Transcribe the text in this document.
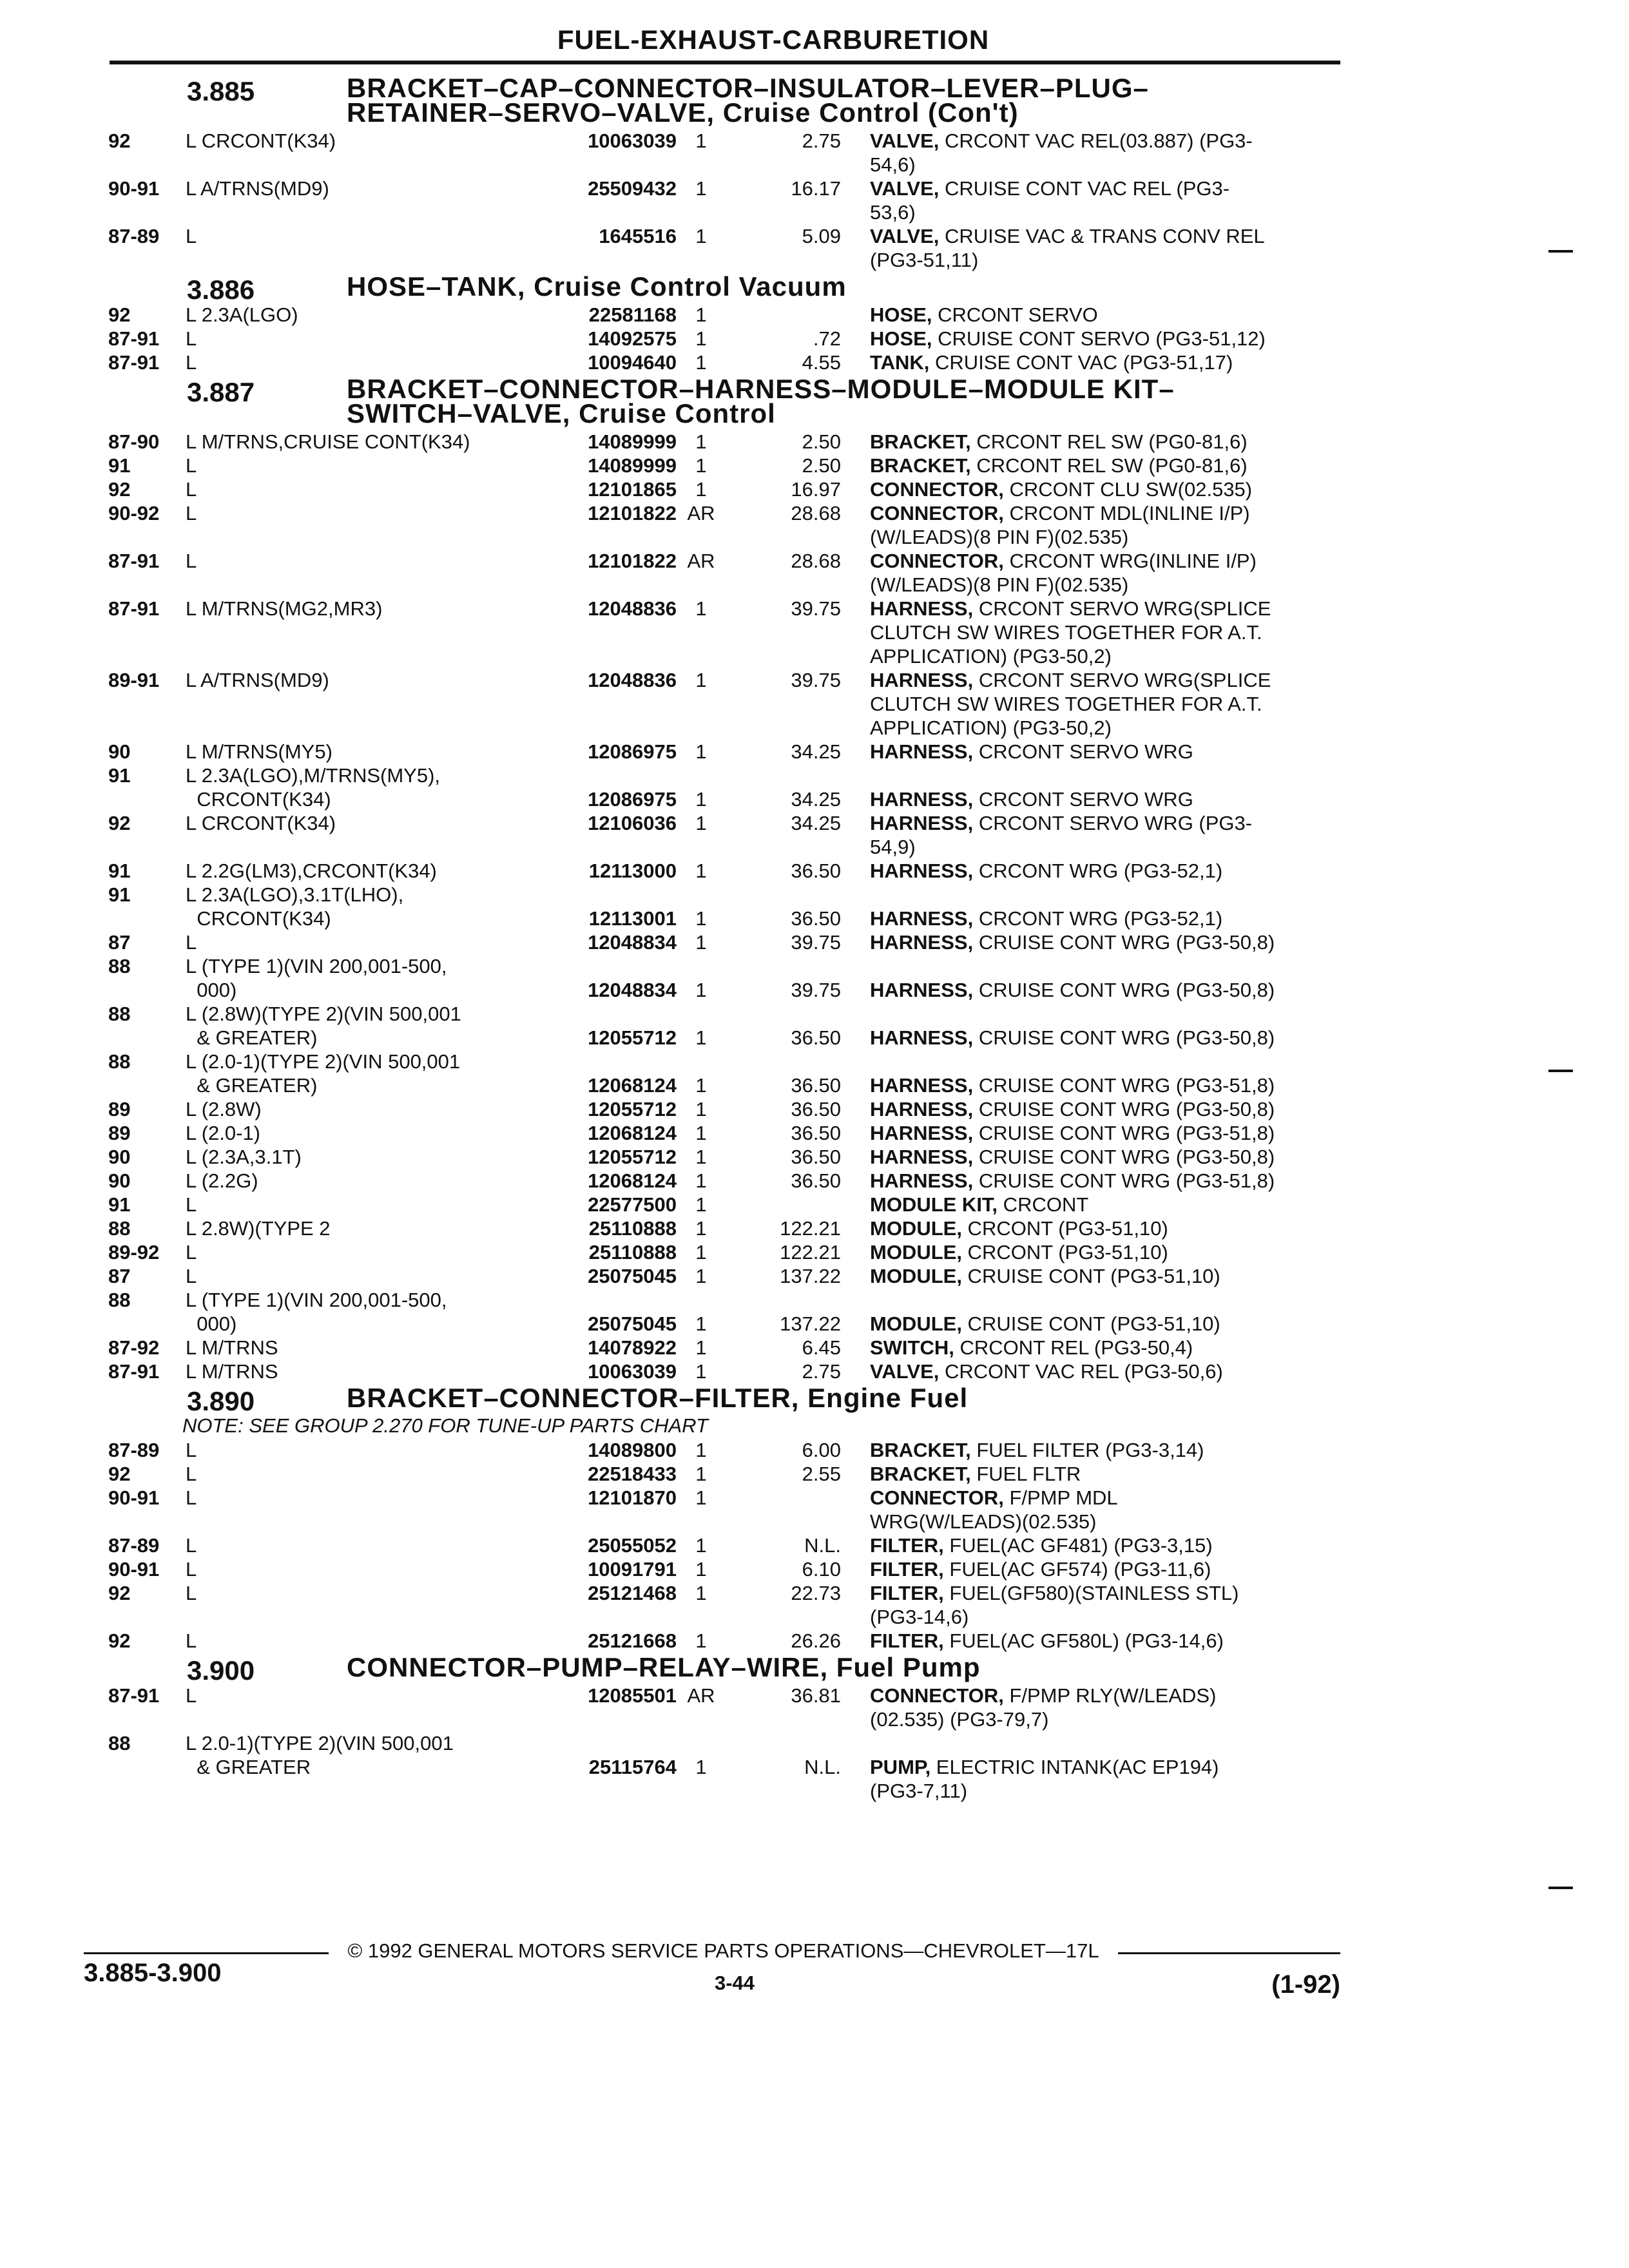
FUEL-EXHAUST-CARBURETION
3.885	BRACKET–CAP–CONNECTOR–INSULATOR–LEVER–PLUG–
RETAINER–SERVO–VALVE, Cruise Control (Con't)
92	L CRCONT(K34)	10063039 1	2.75 VALVE, CRCONT VAC REL(03.887) (PG3-
54,6)
90-91	L A/TRNS(MD9)	25509432 1	16.17 VALVE, CRUISE CONT VAC REL (PG3-
53,6)
87-89	L	1645516 1	5.09 VALVE, CRUISE VAC & TRANS CONV REL
(PG3-51,11)
3.886	HOSE–TANK, Cruise Control Vacuum
92	L 2.3A(LGO)	22581168 1	HOSE, CRCONT SERVO
87-91	L	14092575 1	.72 HOSE, CRUISE CONT SERVO (PG3-51,12)
87-91	L	10094640 1	4.55 TANK, CRUISE CONT VAC (PG3-51,17)
3.887	BRACKET–CONNECTOR–HARNESS–MODULE–MODULE KIT–
SWITCH–VALVE, Cruise Control
87-90	L M/TRNS,CRUISE CONT(K34)	14089999 1	2.50 BRACKET, CRCONT REL SW (PG0-81,6)
91	L	14089999 1	2.50 BRACKET, CRCONT REL SW (PG0-81,6)
92	L	12101865 1	16.97 CONNECTOR, CRCONT CLU SW(02.535)
90-92	L	12101822 AR	28.68 CONNECTOR, CRCONT MDL(INLINE I/P)
(W/LEADS)(8 PIN F)(02.535)
87-91	L	12101822 AR	28.68 CONNECTOR, CRCONT WRG(INLINE I/P)
(W/LEADS)(8 PIN F)(02.535)
87-91	L M/TRNS(MG2,MR3)	12048836 1	39.75 HARNESS, CRCONT SERVO WRG(SPLICE
CLUTCH SW WIRES TOGETHER FOR A.T.
APPLICATION) (PG3-50,2)
89-91	L A/TRNS(MD9)	12048836 1	39.75 HARNESS, CRCONT SERVO WRG(SPLICE
CLUTCH SW WIRES TOGETHER FOR A.T.
APPLICATION) (PG3-50,2)
90	L M/TRNS(MY5)	12086975 1	34.25 HARNESS, CRCONT SERVO WRG
91	L 2.3A(LGO),M/TRNS(MY5),
CRCONT(K34)	12086975 1	34.25 HARNESS, CRCONT SERVO WRG
92	L CRCONT(K34)	12106036 1	34.25 HARNESS, CRCONT SERVO WRG (PG3-
54,9)
91	L 2.2G(LM3),CRCONT(K34)	12113000 1	36.50 HARNESS, CRCONT WRG (PG3-52,1)
91	L 2.3A(LGO),3.1T(LHO),
CRCONT(K34)	12113001 1	36.50 HARNESS, CRCONT WRG (PG3-52,1)
87	L	12048834 1	39.75 HARNESS, CRUISE CONT WRG (PG3-50,8)
88	L (TYPE 1)(VIN 200,001-500,
000)	12048834 1	39.75 HARNESS, CRUISE CONT WRG (PG3-50,8)
88	L (2.8W)(TYPE 2)(VIN 500,001
& GREATER)	12055712 1	36.50 HARNESS, CRUISE CONT WRG (PG3-50,8)
88	L (2.0-1)(TYPE 2)(VIN 500,001
& GREATER)	12068124 1	36.50 HARNESS, CRUISE CONT WRG (PG3-51,8)
89	L (2.8W)	12055712 1	36.50 HARNESS, CRUISE CONT WRG (PG3-50,8)
89	L (2.0-1)	12068124 1	36.50 HARNESS, CRUISE CONT WRG (PG3-51,8)
90	L (2.3A,3.1T)	12055712 1	36.50 HARNESS, CRUISE CONT WRG (PG3-50,8)
90	L (2.2G)	12068124 1	36.50 HARNESS, CRUISE CONT WRG (PG3-51,8)
91	L	22577500 1	MODULE KIT, CRCONT
88	L 2.8W)(TYPE 2	25110888 1	122.21 MODULE, CRCONT (PG3-51,10)
89-92	L	25110888 1	122.21 MODULE, CRCONT (PG3-51,10)
87	L	25075045 1	137.22 MODULE, CRUISE CONT (PG3-51,10)
88	L (TYPE 1)(VIN 200,001-500,
000)	25075045 1	137.22 MODULE, CRUISE CONT (PG3-51,10)
87-92	L M/TRNS	14078922 1	6.45 SWITCH, CRCONT REL (PG3-50,4)
87-91	L M/TRNS	10063039 1	2.75 VALVE, CRCONT VAC REL (PG3-50,6)
3.890	BRACKET–CONNECTOR–FILTER, Engine Fuel
NOTE: SEE GROUP 2.270 FOR TUNE-UP PARTS CHART
87-89	L	14089800 1	6.00 BRACKET, FUEL FILTER (PG3-3,14)
92	L	22518433 1	2.55 BRACKET, FUEL FLTR
90-91	L	12101870 1	CONNECTOR, F/PMP MDL
WRG(W/LEADS)(02.535)
87-89	L	25055052 1	N.L. FILTER, FUEL(AC GF481) (PG3-3,15)
90-91	L	10091791 1	6.10 FILTER, FUEL(AC GF574) (PG3-11,6)
92	L	25121468 1	22.73 FILTER, FUEL(GF580)(STAINLESS STL)
(PG3-14,6)
92	L	25121668 1	26.26 FILTER, FUEL(AC GF580L) (PG3-14,6)
3.900	CONNECTOR–PUMP–RELAY–WIRE, Fuel Pump
87-91	L	12085501 AR	36.81 CONNECTOR, F/PMP RLY(W/LEADS)
(02.535) (PG3-79,7)
88	L 2.0-1)(TYPE 2)(VIN 500,001
& GREATER	25115764 1	N.L. PUMP, ELECTRIC INTANK(AC EP194)
(PG3-7,11)
© 1992 GENERAL MOTORS SERVICE PARTS OPERATIONS—CHEVROLET—17L
3.885-3.900	3-44	(1-92)
